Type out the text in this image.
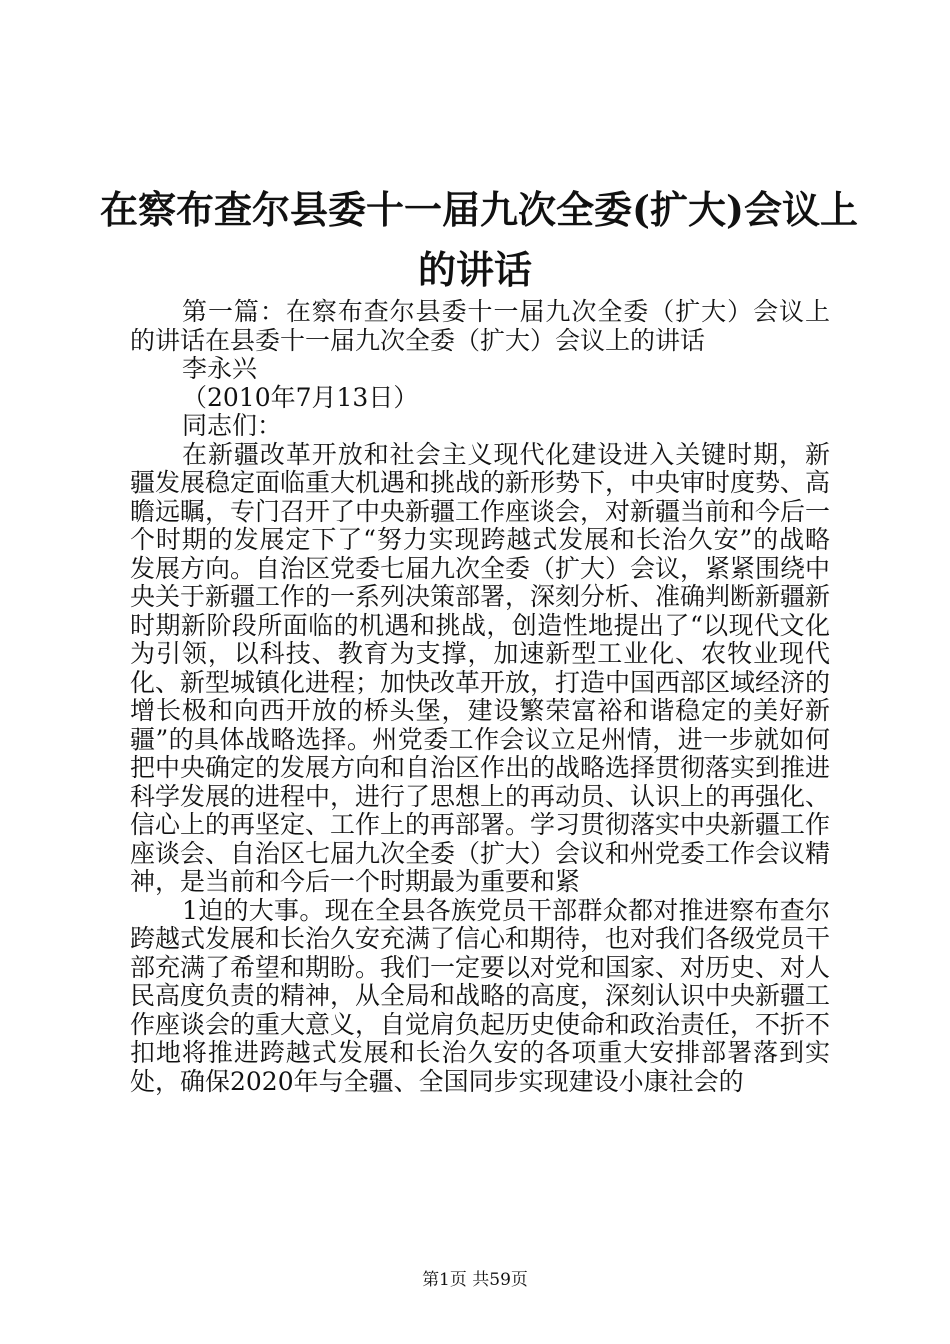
在察布查尔县委十一届九次全委(扩大)会议上
的讲话

第一篇：在察布查尔县委十一届九次全委（扩大）会议上的讲话在县委十一届九次全委（扩大）会议上的讲话

李永兴

（2010年7月13日）

同志们：

在新疆改革开放和社会主义现代化建设进入关键时期，新疆发展稳定面临重大机遇和挑战的新形势下，中央审时度势、高瞻远瞩，专门召开了中央新疆工作座谈会，对新疆当前和今后一个时期的发展定下了“努力实现跨越式发展和长治久安”的战略发展方向。自治区党委七届九次全委（扩大）会议，紧紧围绕中央关于新疆工作的一系列决策部署，深刻分析、准确判断新疆新时期新阶段所面临的机遇和挑战，创造性地提出了“以现代文化为引领，以科技、教育为支撑，加速新型工业化、农牧业现代化、新型城镇化进程；加快改革开放，打造中国西部区域经济的增长极和向西开放的桥头堡，建设繁荣富裕和谐稳定的美好新疆”的具体战略选择。州党委工作会议立足州情，进一步就如何把中央确定的发展方向和自治区作出的战略选择贯彻落实到推进科学发展的进程中，进行了思想上的再动员、认识上的再强化、信心上的再坚定、工作上的再部署。学习贯彻落实中央新疆工作座谈会、自治区七届九次全委（扩大）会议和州党委工作会议精神，是当前和今后一个时期最为重要和紧

1迫的大事。现在全县各族党员干部群众都对推进察布查尔跨越式发展和长治久安充满了信心和期待，也对我们各级党员干部充满了希望和期盼。我们一定要以对党和国家、对历史、对人民高度负责的精神，从全局和战略的高度，深刻认识中央新疆工作座谈会的重大意义，自觉肩负起历史使命和政治责任，不折不扣地将推进跨越式发展和长治久安的各项重大安排部署落到实处，确保2020年与全疆、全国同步实现建设小康社会的

第1页 共59页
